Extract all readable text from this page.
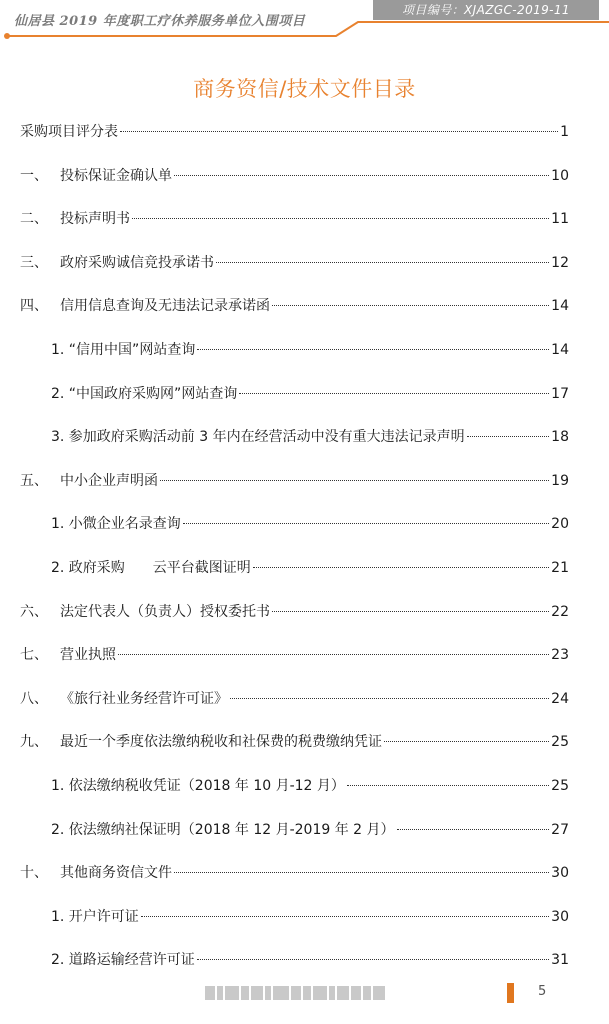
仙居县 2019 年度职工疗休养服务单位入围项目
项目编号：XJAZGC-2019-11
商务资信/技术文件目录
采购项目评分表	1
一、 投标保证金确认单	10
二、 投标声明书	11
三、 政府采购诚信竞投承诺书	12
四、 信用信息查询及无违法记录承诺函	14
1. “信用中国”网站查询	14
2. “中国政府采购网”网站查询	17
3. 参加政府采购活动前 3 年内在经营活动中没有重大违法记录声明	18
五、 中小企业声明函	19
1. 小微企业名录查询	20
2. 政府采购　　云平台截图证明	21
六、 法定代表人（负责人）授权委托书	22
七、 营业执照	23
八、 《旅行社业务经营许可证》	24
九、 最近一个季度依法缴纳税收和社保费的税费缴纳凭证	25
1. 依法缴纳税收凭证（2018 年 10 月-12 月）	25
2. 依法缴纳社保证明（2018 年 12 月-2019 年 2 月）	27
十、 其他商务资信文件	30
1. 开户许可证	30
2. 道路运输经营许可证	31
5
